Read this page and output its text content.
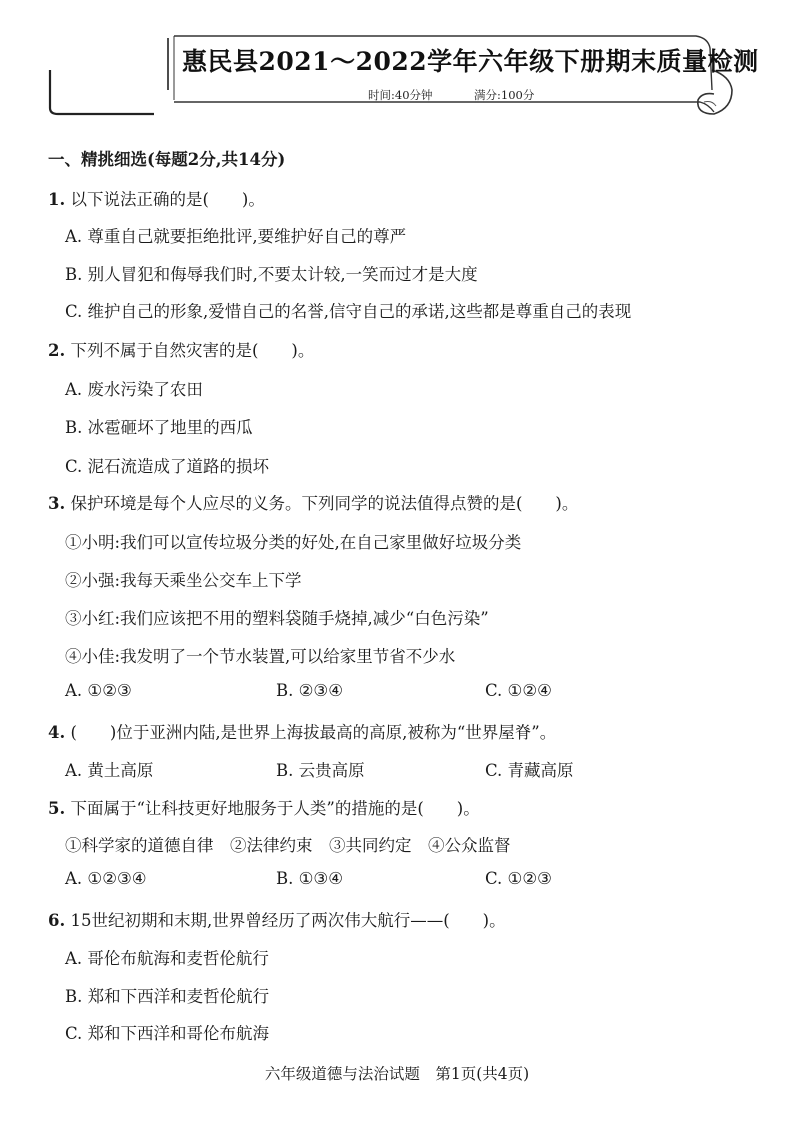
惠民县2021～2022学年六年级下册期末质量检测
时间:40分钟	满分:100分
一、精挑细选(每题2分,共14分)
1. 以下说法正确的是(　　)。
A. 尊重自己就要拒绝批评,要维护好自己的尊严
B. 别人冒犯和侮辱我们时,不要太计较,一笑而过才是大度
C. 维护自己的形象,爱惜自己的名誉,信守自己的承诺,这些都是尊重自己的表现
2. 下列不属于自然灾害的是(　　)。
A. 废水污染了农田
B. 冰雹砸坏了地里的西瓜
C. 泥石流造成了道路的损坏
3. 保护环境是每个人应尽的义务。下列同学的说法值得点赞的是(　　)。
①小明:我们可以宣传垃圾分类的好处,在自己家里做好垃圾分类
②小强:我每天乘坐公交车上下学
③小红:我们应该把不用的塑料袋随手烧掉,减少“白色污染”
④小佳:我发明了一个节水装置,可以给家里节省不少水
A. ①②③	B. ②③④	C. ①②④
4. (　　)位于亚洲内陆,是世界上海拔最高的高原,被称为“世界屋脊”。
A. 黄土高原	B. 云贵高原	C. 青藏高原
5. 下面属于“让科技更好地服务于人类”的措施的是(　　)。
①科学家的道德自律　②法律约束　③共同约定　④公众监督
A. ①②③④	B. ①③④	C. ①②③
6. 15世纪初期和末期,世界曾经历了两次伟大航行——(　　)。
A. 哥伦布航海和麦哲伦航行
B. 郑和下西洋和麦哲伦航行
C. 郑和下西洋和哥伦布航海
六年级道德与法治试题　第1页(共4页)
